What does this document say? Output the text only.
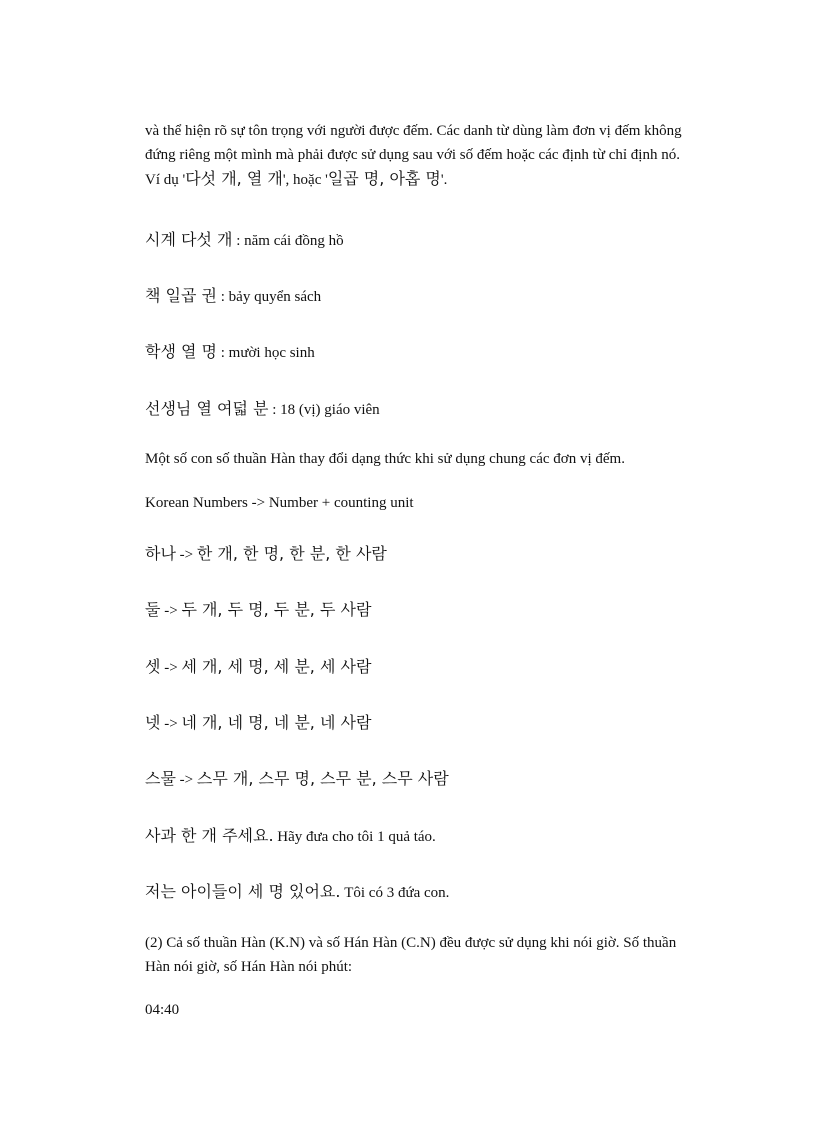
và thể hiện rõ sự tôn trọng với người được đếm. Các danh từ dùng làm đơn vị đếm không
đứng riêng một mình mà phải được sử dụng sau với số đếm hoặc các định từ chỉ định nó.
Ví dụ '다섯 개, 열 개', hoặc '일곱 명, 아홉 명'.

시계 다섯 개 : năm cái đồng hồ

책 일곱 권 : bảy quyển sách

학생 열 명 : mười học sinh

선생님 열 여덟 분 : 18 (vị) giáo viên

Một số con số thuần Hàn thay đổi dạng thức khi sử dụng chung các đơn vị đếm.

Korean Numbers -> Number + counting unit

하나 -> 한 개, 한 명, 한 분, 한 사람

둘 -> 두 개, 두 명, 두 분, 두 사람

셋 -> 세 개, 세 명, 세 분, 세 사람

넷 -> 네 개, 네 명, 네 분, 네 사람

스물 -> 스무 개, 스무 명, 스무 분, 스무 사람

사과 한 개 주세요. Hãy đưa cho tôi 1 quả táo.

저는 아이들이 세 명 있어요. Tôi có 3 đứa con.

(2) Cả số thuần Hàn (K.N) và số Hán Hàn (C.N) đều được sử dụng khi nói giờ. Số thuần
Hàn nói giờ, số Hán Hàn nói phút:

04:40
